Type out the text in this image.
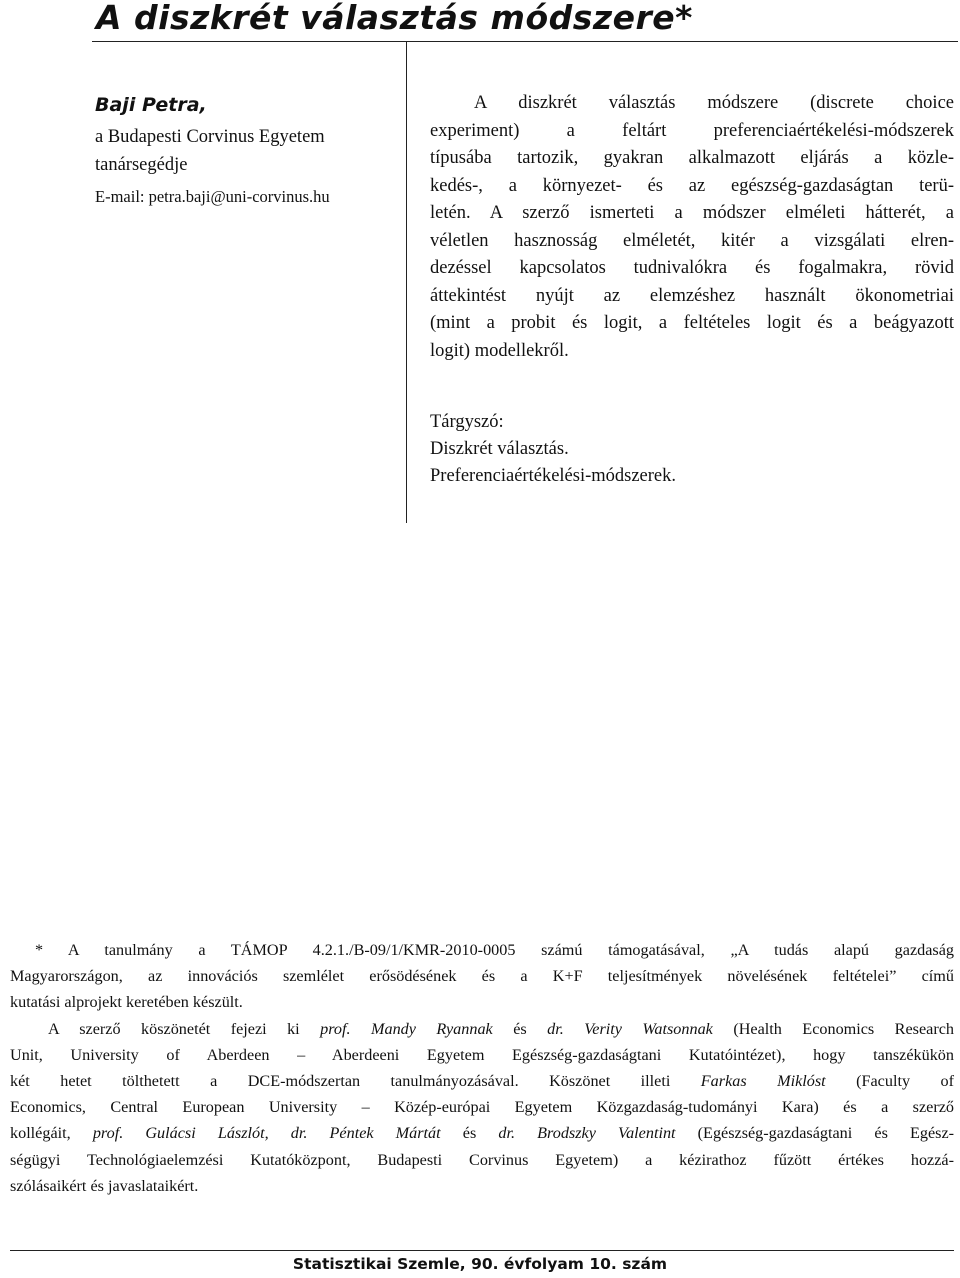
A diszkrét választás módszere*
Baji Petra,
a Budapesti Corvinus Egyetem
tanársegédje
E-mail: petra.baji@uni-corvinus.hu
A diszkrét választás módszere (discrete choice
experiment) a feltárt preferenciaértékelési-módszerek
típusába tartozik, gyakran alkalmazott eljárás a közle-
kedés-, a környezet- és az egészség-gazdaságtan terü-
letén. A szerző ismerteti a módszer elméleti hátterét, a
véletlen hasznosság elméletét, kitér a vizsgálati elren-
dezéssel kapcsolatos tudnivalókra és fogalmakra, rövid
áttekintést nyújt az elemzéshez használt ökonometriai
(mint a probit és logit, a feltételes logit és a beágyazott
logit) modellekről.
Tárgyszó:
Diszkrét választás.
Preferenciaértékelési-módszerek.
* A tanulmány a TÁMOP 4.2.1./B-09/1/KMR-2010-0005 számú támogatásával, „A tudás alapú gazdaság
Magyarországon, az innovációs szemlélet erősödésének és a K+F teljesítmények növelésének feltételei” című
kutatási alprojekt keretében készült.
A szerző köszönetét fejezi ki prof. Mandy Ryannak és dr. Verity Watsonnak (Health Economics Research
Unit, University of Aberdeen – Aberdeeni Egyetem Egészség-gazdaságtani Kutatóintézet), hogy tanszékükön
két hetet tölthetett a DCE-módszertan tanulmányozásával. Köszönet illeti Farkas Miklóst (Faculty of
Economics, Central European University – Közép-európai Egyetem Közgazdaság-tudományi Kara) és a szerző
kollégáit, prof. Gulácsi Lászlót, dr. Péntek Mártát és dr. Brodszky Valentint (Egészség-gazdaságtani és Egész-
ségügyi Technológiaelemzési Kutatóközpont, Budapesti Corvinus Egyetem) a kézirathoz fűzött értékes hozzá-
szólásaikért és javaslataikért.
Statisztikai Szemle, 90. évfolyam 10. szám
